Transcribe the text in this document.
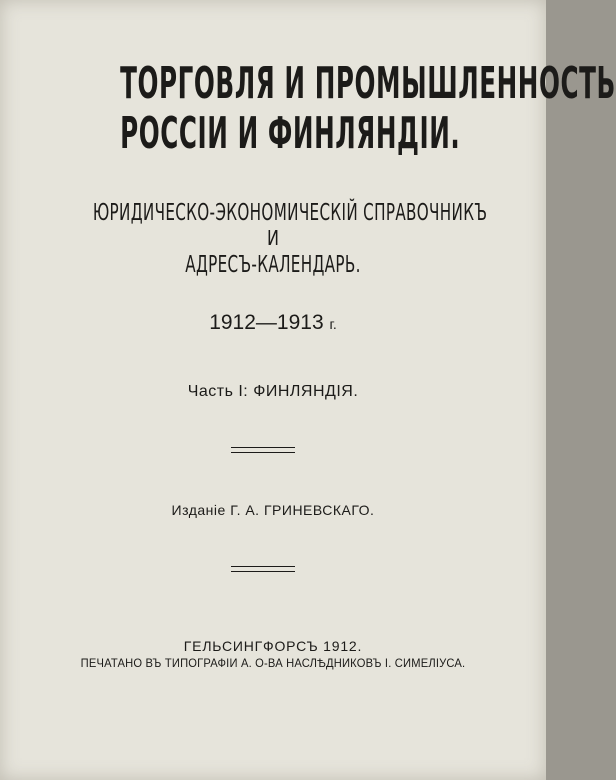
ТОРГОВЛЯ И ПРОМЫШЛЕННОСТЬ
РОССІИ И ФИНЛЯНДІИ.
ЮРИДИЧЕСКО-ЭКОНОМИЧЕСКІЙ СПРАВОЧНИКЪ
И
АДРЕСЪ-КАЛЕНДАРЬ.
1912—1913 г.
Часть I: ФИНЛЯНДІЯ.
Изданіе Г. А. ГРИНЕВСКАГО.
ГЕЛЬСИНГФОРСЪ 1912.
ПЕЧАТАНО ВЪ ТИПОГРАФІИ А. О-ВА НАСЛѢДНИКОВЪ І. СИМЕЛІУСА.
